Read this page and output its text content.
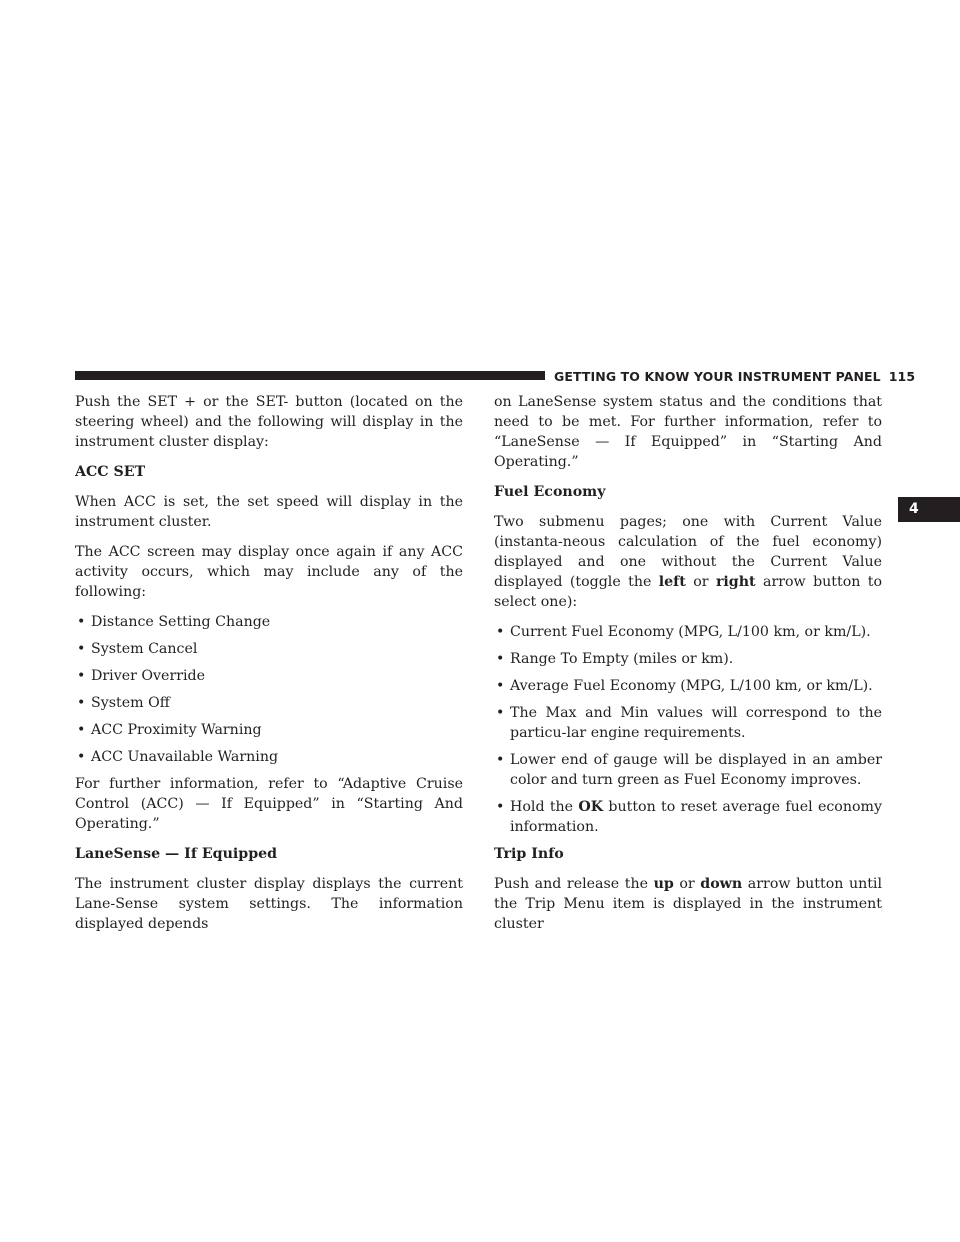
GETTING TO KNOW YOUR INSTRUMENT PANEL 115
4

Push the SET + or the SET- button (located on the steering wheel) and the following will display in the instrument cluster display:

ACC SET

When ACC is set, the set speed will display in the instrument cluster.

The ACC screen may display once again if any ACC activity occurs, which may include any of the following:

• Distance Setting Change
• System Cancel
• Driver Override
• System Off
• ACC Proximity Warning
• ACC Unavailable Warning

For further information, refer to “Adaptive Cruise Control (ACC) — If Equipped” in “Starting And Operating.”

LaneSense — If Equipped

The instrument cluster display displays the current Lane-Sense system settings. The information displayed depends

on LaneSense system status and the conditions that need to be met. For further information, refer to “LaneSense — If Equipped” in “Starting And Operating.”

Fuel Economy

Two submenu pages; one with Current Value (instanta-neous calculation of the fuel economy) displayed and one without the Current Value displayed (toggle the left or right arrow button to select one):

• Current Fuel Economy (MPG, L/100 km, or km/L).
• Range To Empty (miles or km).
• Average Fuel Economy (MPG, L/100 km, or km/L).
• The Max and Min values will correspond to the particu-lar engine requirements.
• Lower end of gauge will be displayed in an amber color and turn green as Fuel Economy improves.
• Hold the OK button to reset average fuel economy information.
Trip Info

Push and release the up or down arrow button until the Trip Menu item is displayed in the instrument cluster
